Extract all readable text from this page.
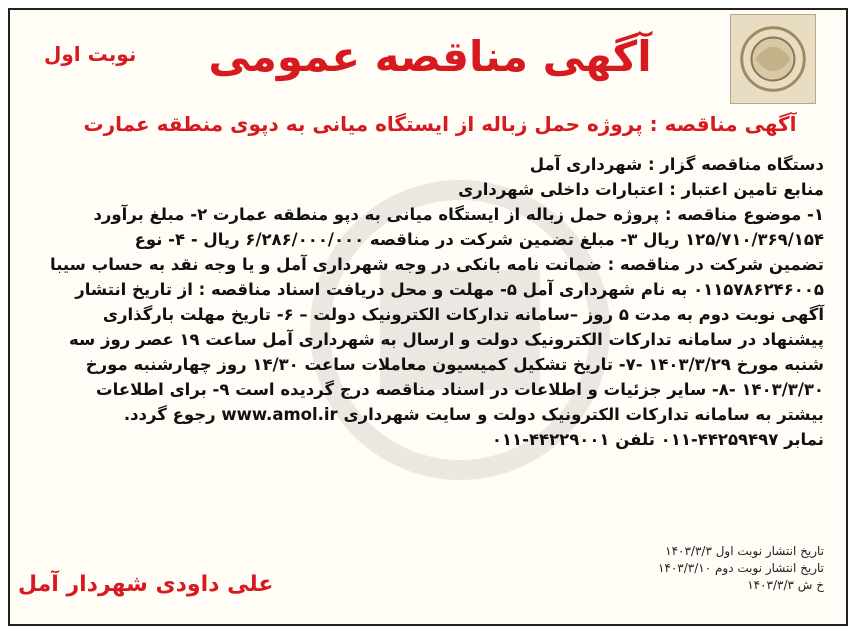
نوبت اول آگهی مناقصه عمومی
آگهی مناقصه : پروژه حمل زباله از ایستگاه میانی به دپوی منطقه عمارت
دستگاه مناقصه گزار : شهرداری آمل
منابع تامین اعتبار : اعتبارات داخلی شهرداری
۱- موضوع مناقصه : پروژه حمل زباله از ایستگاه میانی به دپو منطقه عمارت ۲- مبلغ برآورد
۱۲۵/۷۱۰/۳۶۹/۱۵۴ ریال ۳- مبلغ تضمین شرکت در مناقصه ۶/۲۸۶/۰۰۰/۰۰۰ ریال - ۴- نوع
تضمین شرکت در مناقصه : ضمانت نامه بانکی در وجه شهرداری آمل و یا وجه نقد به حساب سیبا
۰۱۱۵۷۸۶۲۴۶۰۰۵ به نام شهرداری آمل ۵- مهلت و محل دریافت اسناد مناقصه : از تاریخ انتشار
آگهی نوبت دوم به مدت ۵ روز –سامانه تدارکات الکترونیک دولت – ۶- تاریخ مهلت بارگذاری
پیشنهاد در سامانه تدارکات الکترونیک دولت و ارسال به شهرداری آمل ساعت ۱۹ عصر روز سه
شنبه مورخ ۱۴۰۳/۳/۲۹ -۷- تاریخ تشکیل کمیسیون معاملات ساعت ۱۴/۳۰ روز چهارشنبه مورخ
۱۴۰۳/۳/۳۰ -۸- سایر جزئیات و اطلاعات در اسناد مناقصه درج گردیده است ۹- برای اطلاعات
بیشتر به سامانه تدارکات الکترونیک دولت و سایت شهرداری www.amol.ir رجوع گردد.
نمابر ۴۴۲۵۹۴۹۷-۰۱۱ تلفن ۴۴۲۲۹۰۰۱-۰۱۱
تاریخ انتشار نوبت اول ۱۴۰۳/۳/۳
تاریخ انتشار نوبت دوم ۱۴۰۳/۳/۱۰
خ ش ۱۴۰۳/۳/۳
علی داودی شهردار آمل
